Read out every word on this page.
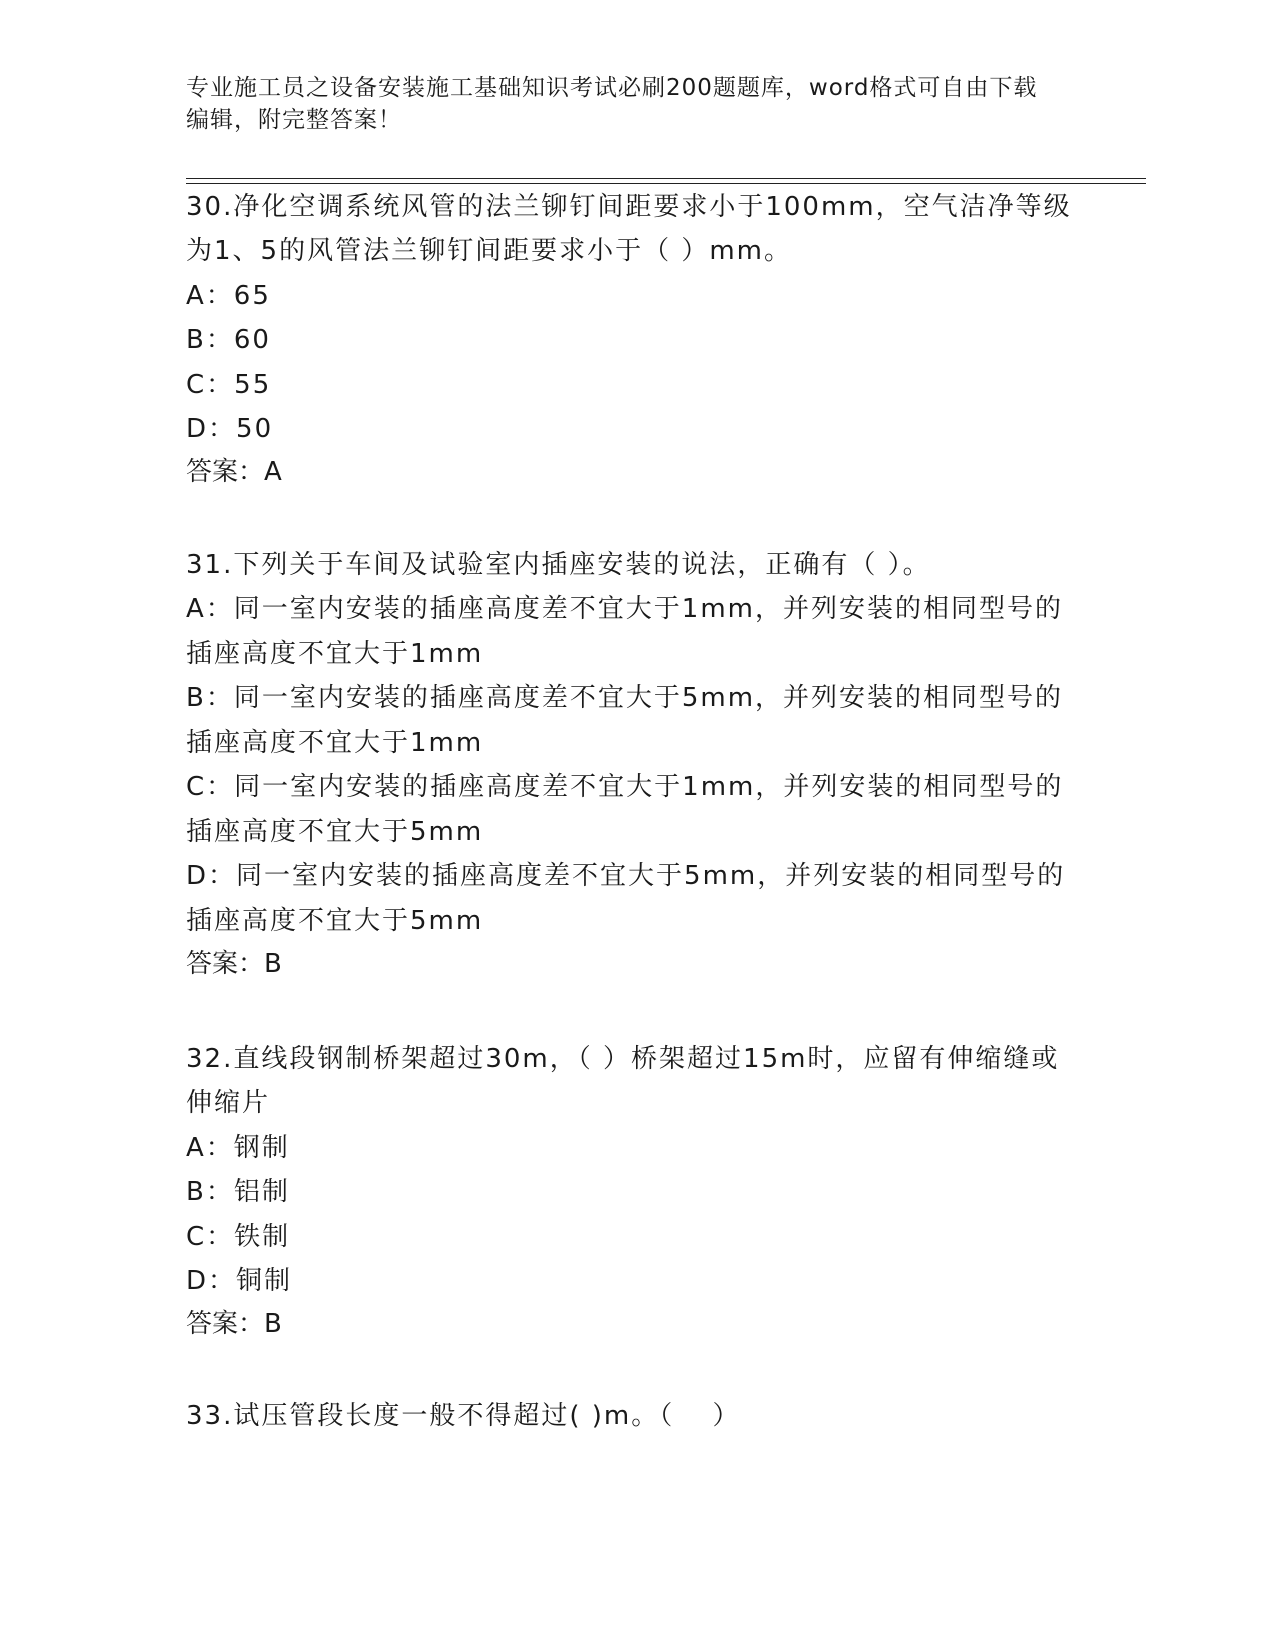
专业施工员之设备安装施工基础知识考试必刷200题题库，word格式可自由下载
编辑，附完整答案！
30.净化空调系统风管的法兰铆钉间距要求小于100mm，空气洁净等级
为1、5的风管法兰铆钉间距要求小于（ ）mm。
A：65
B：60
C：55
D：50
答案：A
31.下列关于车间及试验室内插座安装的说法，正确有（ ）。
A：同一室内安装的插座高度差不宜大于1mm，并列安装的相同型号的
插座高度不宜大于1mm
B：同一室内安装的插座高度差不宜大于5mm，并列安装的相同型号的
插座高度不宜大于1mm
C：同一室内安装的插座高度差不宜大于1mm，并列安装的相同型号的
插座高度不宜大于5mm
D：同一室内安装的插座高度差不宜大于5mm，并列安装的相同型号的
插座高度不宜大于5mm
答案：B
32.直线段钢制桥架超过30m，（ ）桥架超过15m时，应留有伸缩缝或
伸缩片
A：钢制
B：铝制
C：铁制
D：铜制
答案：B
33.试压管段长度一般不得超过( )m。（　 ）
